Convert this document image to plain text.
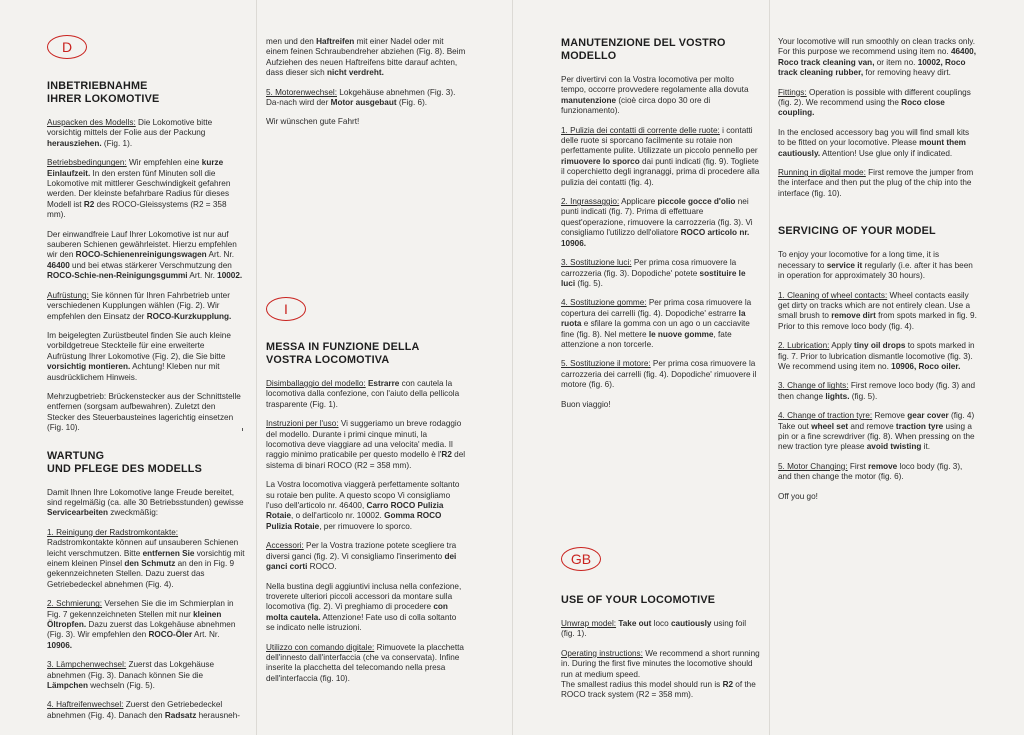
D
INBETRIEBNAHME
IHRER LOKOMOTIVE

Auspacken des Modells: Die Lokomotive bitte vorsichtig mittels der Folie aus der Packung herausziehen. (Fig. 1).

Betriebsbedingungen: Wir empfehlen eine kurze Einlaufzeit. In den ersten fünf Minuten soll die Lokomotive mit mittlerer Geschwindigkeit gefahren werden. Der kleinste befahrbare Radius für dieses Modell ist R2 des ROCO-Gleissystems (R2 = 358 mm).

Der einwandfreie Lauf Ihrer Lokomotive ist nur auf sauberen Schienen gewährleistet. Hierzu empfehlen wir den ROCO-Schienenreinigungswagen Art. Nr. 46400 und bei etwas stärkerer Verschmutzung den ROCO-Schie-nen-Reinigungsgummi Art. Nr. 10002.

Aufrüstung: Sie können für Ihren Fahrbetrieb unter verschiedenen Kupplungen wählen (Fig. 2). Wir empfehlen den Einsatz der ROCO-Kurzkupplung.

Im beigelegten Zurüstbeutel finden Sie auch kleine vorbildgetreue Steckteile für eine erweiterte Aufrüstung Ihrer Lokomotive (Fig. 2), die Sie bitte vorsichtig montieren. Achtung! Kleben nur mit ausdrücklichem Hinweis.

Mehrzugbetrieb: Brückenstecker aus der Schnittstelle entfernen (sorgsam aufbewahren). Zuletzt den Stecker des Steuerbausteines lagerichtig einsetzen (Fig. 10).

WARTUNG
UND PFLEGE DES MODELLS

Damit Ihnen Ihre Lokomotive lange Freude bereitet, sind regelmäßig (ca. alle 30 Betriebsstunden) gewisse Servicearbeiten zweckmäßig:

1. Reinigung der Radstromkontakte: Radstromkontakte können auf unsauberen Schienen leicht verschmutzen. Bitte entfernen Sie vorsichtig mit einem kleinen Pinsel den Schmutz an den in Fig. 9 gekennzeichneten Stellen. Dazu zuerst das Getriebedeckel abnehmen (Fig. 4).

2. Schmierung: Versehen Sie die im Schmierplan in Fig. 7 gekennzeichneten Stellen mit nur kleinen Öltropfen. Dazu zuerst das Lokgehäuse abnehmen (Fig. 3). Wir empfehlen den ROCO-Öler Art. Nr. 10906.

3. Lämpchenwechsel: Zuerst das Lokgehäuse abnehmen (Fig. 3). Danach können Sie die Lämpchen wechseln (Fig. 5).

4. Haftreifenwechsel: Zuerst den Getriebedeckel abnehmen (Fig. 4). Danach den Radsatz herausneh-

men und den Haftreifen mit einer Nadel oder mit einem feinen Schraubendreher abziehen (Fig. 8). Beim Aufziehen des neuen Haftreifens bitte darauf achten, dass dieser sich nicht verdreht.

5. Motorenwechsel: Lokgehäuse abnehmen (Fig. 3). Da-nach wird der Motor ausgebaut (Fig. 6).

Wir wünschen gute Fahrt!

I
MESSA IN FUNZIONE DELLA
VOSTRA LOCOMOTIVA

Disimballaggio del modello: Estrarre con cautela la locomotiva dalla confezione, con l'aiuto della pellicola trasparente (Fig. 1).

Instruzioni per l'uso: Vi suggeriamo un breve rodaggio del modello. Durante i primi cinque minuti, la locomotiva deve viaggiare ad una velocita' media. Il raggio minimo praticabile per questo modello è l'R2 del sistema di binari ROCO (R2 = 358 mm).

La Vostra locomotiva viaggerà perfettamente soltanto su rotaie ben pulite. A questo scopo Vi consigliamo l'uso dell'articolo nr. 46400, Carro ROCO Pulizia Rotaie, o dell'articolo nr. 10002. Gomma ROCO Pulizia Rotaie, per rimuovere lo sporco.

Accessori: Per la Vostra trazione potete scegliere tra diversi ganci (fig. 2). Vi consigliamo l'inserimento dei ganci corti ROCO.

Nella bustina degli aggiuntivi inclusa nella confezione, troverete ulteriori piccoli accessori da montare sulla locomotiva (fig. 2). Vi preghiamo di procedere con molta cautela. Attenzione! Fate uso di colla soltanto se indicato nelle istruzioni.

Utilizzo con comando digitale: Rimuovete la placchetta dell'innesto dall'interfaccia (che va conservata). Infine inserite la placchetta del telecomando nella presa dell'interfaccia (fig. 10).

MANUTENZIONE DEL VOSTRO
MODELLO

Per divertirvi con la Vostra locomotiva per molto tempo, occorre provvedere regolamente alla dovuta manutenzione (cioè circa dopo 30 ore di funzionamento).

1. Pulizia dei contatti di corrente delle ruote: i contatti delle ruote si sporcano facilmente su rotaie non perfettamente pulite. Utilizzate un piccolo pennello per rimuovere lo sporco dai punti indicati (fig. 9). Togliete il coperchietto degli ingranaggi, prima di procedere alla pulizia dei contatti (fig. 4).

2. Ingrassaggio: Applicare piccole gocce d'olio nei punti indicati (fig. 7). Prima di effettuare quest'operazione, rimuovere la carrozzeria (fig. 3). Vi consigliamo l'utilizzo dell'oliatore ROCO articolo nr. 10906.

3. Sostituzione luci: Per prima cosa rimuovere la carrozzeria (fig. 3). Dopodiche' potete sostituire le luci (fig. 5).

4. Sostituzione gomme: Per prima cosa rimuovere la copertura dei carrelli (fig. 4). Dopodiche' estrarre la ruota e sfilare la gomma con un ago o un cacciavite fine (fig. 8). Nel mettere le nuove gomme, fate attenzione a non torcerle.

5. Sostituzione il motore: Per prima cosa rimuovere la carrozzeria dei carrelli (fig. 4). Dopodiche' rimuovere il motore (fig. 6).

Buon viaggio!

GB
USE OF YOUR LOCOMOTIVE

Unwrap model: Take out loco cautiously using foil (fig. 1).

Operating instructions: We recommend a short running in. During the first five minutes the locomotive should run at medium speed.
The smallest radius this model should run is R2 of the ROCO track system (R2 = 358 mm).

Your locomotive will run smoothly on clean tracks only. For this purpose we recommend using item no. 46400, Roco track cleaning van, or item no. 10002, Roco track cleaning rubber, for removing heavy dirt.

Fittings: Operation is possible with different couplings (fig. 2). We recommend using the Roco close coupling.

In the enclosed accessory bag you will find small kits to be fitted on your locomotive. Please mount them cautiously. Attention! Use glue only if indicated.

Running in digital mode: First remove the jumper from the interface and then put the plug of the chip into the interface (fig. 10).

SERVICING OF YOUR MODEL

To enjoy your locomotive for a long time, it is necessary to service it regularly (i.e. after it has been in operation for approximately 30 hours).

1. Cleaning of wheel contacts: Wheel contacts easily get dirty on tracks which are not entirely clean. Use a small brush to remove dirt from spots marked in fig. 9. Prior to this remove loco body (fig. 4).

2. Lubrication: Apply tiny oil drops to spots marked in fig. 7. Prior to lubrication dismantle locomotive (fig. 3). We recommend using item no. 10906, Roco oiler.

3. Change of lights: First remove loco body (fig. 3) and then change lights. (fig. 5).

4. Change of traction tyre: Remove gear cover (fig. 4) Take out wheel set and remove traction tyre using a pin or a fine screwdriver (fig. 8). When pressing on the new traction tyre please avoid twisting it.

5. Motor Changing: First remove loco body (fig. 3), and then change the motor (fig. 6).

Off you go!
